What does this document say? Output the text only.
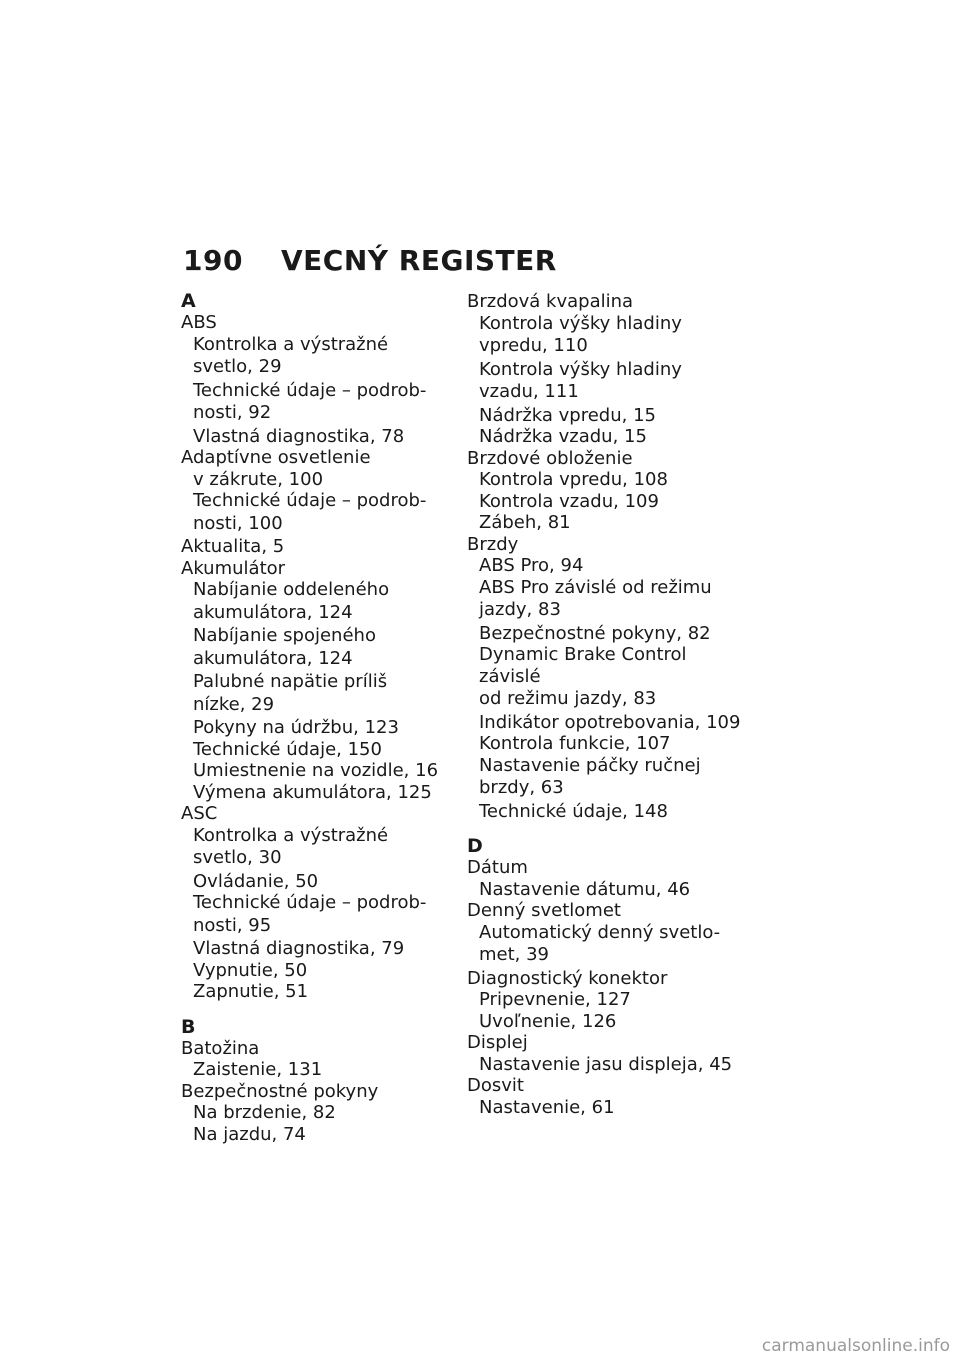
190	VECNÝ REGISTER
A
ABS
Kontrolka a výstražné
svetlo, 29
Technické údaje – podrob-
nosti, 92
Vlastná diagnostika, 78
Adaptívne osvetlenie
v zákrute, 100
Technické údaje – podrob-
nosti, 100
Aktualita, 5
Akumulátor
Nabíjanie oddeleného
akumulátora, 124
Nabíjanie spojeného
akumulátora, 124
Palubné napätie príliš
nízke, 29
Pokyny na údržbu, 123
Technické údaje, 150
Umiestnenie na vozidle, 16
Výmena akumulátora, 125
ASC
Kontrolka a výstražné
svetlo, 30
Ovládanie, 50
Technické údaje – podrob-
nosti, 95
Vlastná diagnostika, 79
Vypnutie, 50
Zapnutie, 51
B
Batožina
Zaistenie, 131
Bezpečnostné pokyny
Na brzdenie, 82
Na jazdu, 74
Brzdová kvapalina
Kontrola výšky hladiny
vpredu, 110
Kontrola výšky hladiny
vzadu, 111
Nádržka vpredu, 15
Nádržka vzadu, 15
Brzdové obloženie
Kontrola vpredu, 108
Kontrola vzadu, 109
Zábeh, 81
Brzdy
ABS Pro, 94
ABS Pro závislé od režimu
jazdy, 83
Bezpečnostné pokyny, 82
Dynamic Brake Control závislé
od režimu jazdy, 83
Indikátor opotrebovania, 109
Kontrola funkcie, 107
Nastavenie páčky ručnej
brzdy, 63
Technické údaje, 148
D
Dátum
Nastavenie dátumu, 46
Denný svetlomet
Automatický denný svetlo-
met, 39
Diagnostický konektor
Pripevnenie, 127
Uvoľnenie, 126
Displej
Nastavenie jasu displeja, 45
Dosvit
Nastavenie, 61
carmanualsonline.info
